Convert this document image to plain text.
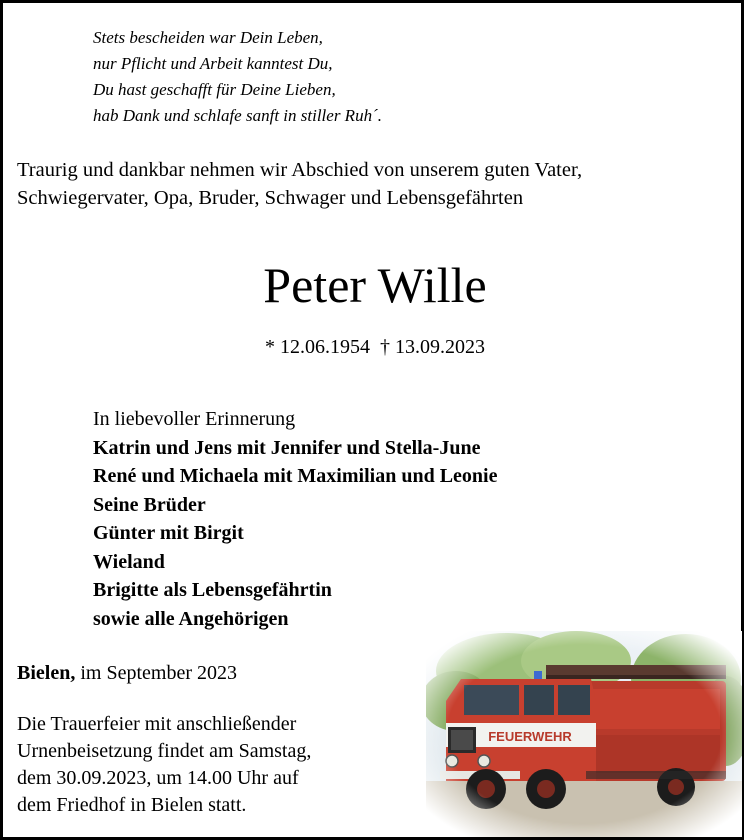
Stets bescheiden war Dein Leben,
nur Pflicht und Arbeit kanntest Du,
Du hast geschafft für Deine Lieben,
hab Dank und schlafe sanft in stiller Ruh´.
Traurig und dankbar nehmen wir Abschied von unserem guten Vater,
Schwiegervater, Opa, Bruder, Schwager und Lebensgefährten
Peter Wille
* 12.06.1954  † 13.09.2023
In liebevoller Erinnerung
Katrin und Jens mit Jennifer und Stella-June
René und Michaela mit Maximilian und Leonie
Seine Brüder
Günter mit Birgit
Wieland
Brigitte als Lebensgefährtin
sowie alle Angehörigen
Bielen, im September 2023
Die Trauerfeier mit anschließender
Urnenbeisetzung findet am Samstag,
dem 30.09.2023, um 14.00 Uhr auf
dem Friedhof in Bielen statt.
